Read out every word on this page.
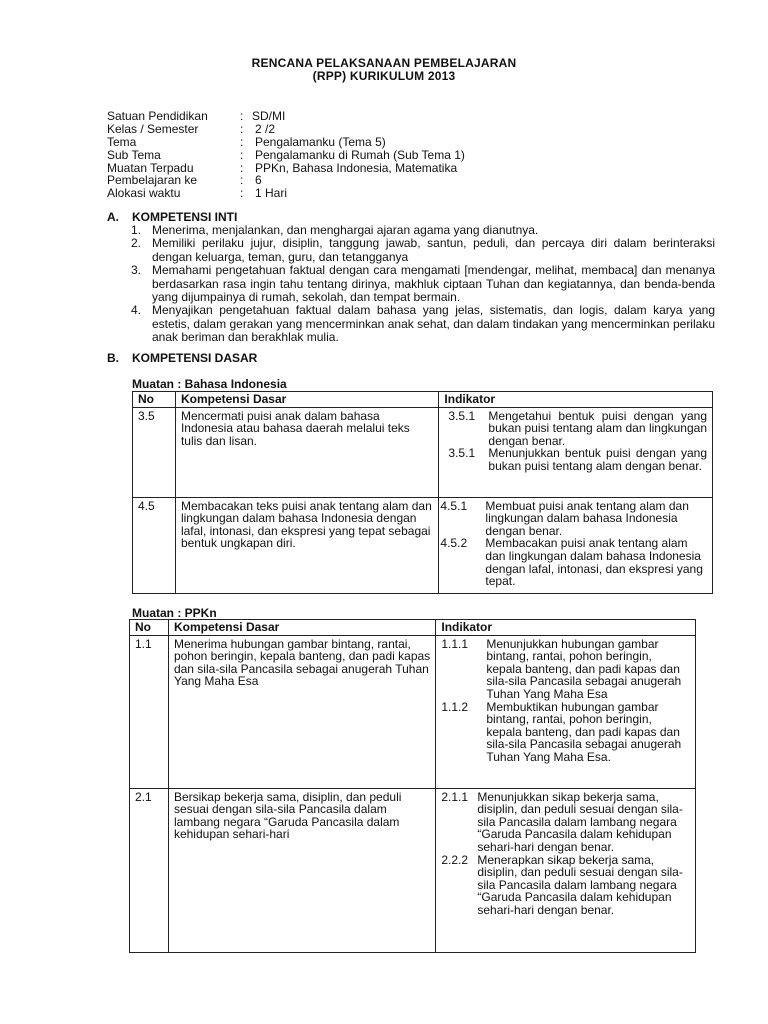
RENCANA PELAKSANAAN PEMBELAJARAN
(RPP) KURIKULUM 2013
Satuan Pendidikan	: SD/MI
Kelas / Semester	: 2 /2
Tema	: Pengalamanku (Tema 5)
Sub Tema	: Pengalamanku di Rumah (Sub Tema 1)
Muatan Terpadu	: PPKn, Bahasa Indonesia, Matematika
Pembelajaran ke	: 6
Alokasi waktu	: 1 Hari
A. KOMPETENSI INTI
1. Menerima, menjalankan, dan menghargai ajaran agama yang dianutnya.
2. Memiliki perilaku jujur, disiplin, tanggung jawab, santun, peduli, dan percaya diri dalam berinteraksi dengan keluarga, teman, guru, dan tetangganya
3. Memahami pengetahuan faktual dengan cara mengamati [mendengar, melihat, membaca] dan menanya berdasarkan rasa ingin tahu tentang dirinya, makhluk ciptaan Tuhan dan kegiatannya, dan benda-benda yang dijumpainya di rumah, sekolah, dan tempat bermain.
4. Menyajikan pengetahuan faktual dalam bahasa yang jelas, sistematis, dan logis, dalam karya yang estetis, dalam gerakan yang mencerminkan anak sehat, dan dalam tindakan yang mencerminkan perilaku anak beriman dan berakhlak mulia.
B. KOMPETENSI DASAR
Muatan : Bahasa Indonesia
No	Kompetensi Dasar	Indikator
3.5	Mencermati puisi anak dalam bahasa Indonesia atau bahasa daerah melalui teks tulis dan lisan.	3.5.1 Mengetahui bentuk puisi dengan yang bukan puisi tentang alam dan lingkungan dengan benar.
3.5.1 Menunjukkan bentuk puisi dengan yang bukan puisi tentang alam dengan benar.

4.5	Membacakan teks puisi anak tentang alam dan lingkungan dalam bahasa Indonesia dengan lafal, intonasi, dan ekspresi yang tepat sebagai bentuk ungkapan diri.	4.5.1 Membuat puisi anak tentang alam dan lingkungan dalam bahasa Indonesia dengan benar.
4.5.2 Membacakan puisi anak tentang alam dan lingkungan dalam bahasa Indonesia dengan lafal, intonasi, dan ekspresi yang tepat.
Muatan : PPKn
No	Kompetensi Dasar	Indikator
1.1	Menerima hubungan gambar bintang, rantai, pohon beringin, kepala banteng, dan padi kapas dan sila-sila Pancasila sebagai anugerah Tuhan Yang Maha Esa	1.1.1 Menunjukkan hubungan gambar bintang, rantai, pohon beringin, kepala banteng, dan padi kapas dan sila-sila Pancasila sebagai anugerah Tuhan Yang Maha Esa
1.1.2 Membuktikan hubungan gambar bintang, rantai, pohon beringin, kepala banteng, dan padi kapas dan sila-sila Pancasila sebagai anugerah Tuhan Yang Maha Esa.

2.1	Bersikap bekerja sama, disiplin, dan peduli sesuai dengan sila-sila Pancasila dalam lambang negara “Garuda Pancasila dalam kehidupan sehari-hari	2.1.1 Menunjukkan sikap bekerja sama, disiplin, dan peduli sesuai dengan sila-sila Pancasila dalam lambang negara “Garuda Pancasila dalam kehidupan sehari-hari dengan benar.
2.2.2 Menerapkan sikap bekerja sama, disiplin, dan peduli sesuai dengan sila-sila Pancasila dalam lambang negara “Garuda Pancasila dalam kehidupan sehari-hari dengan benar.
